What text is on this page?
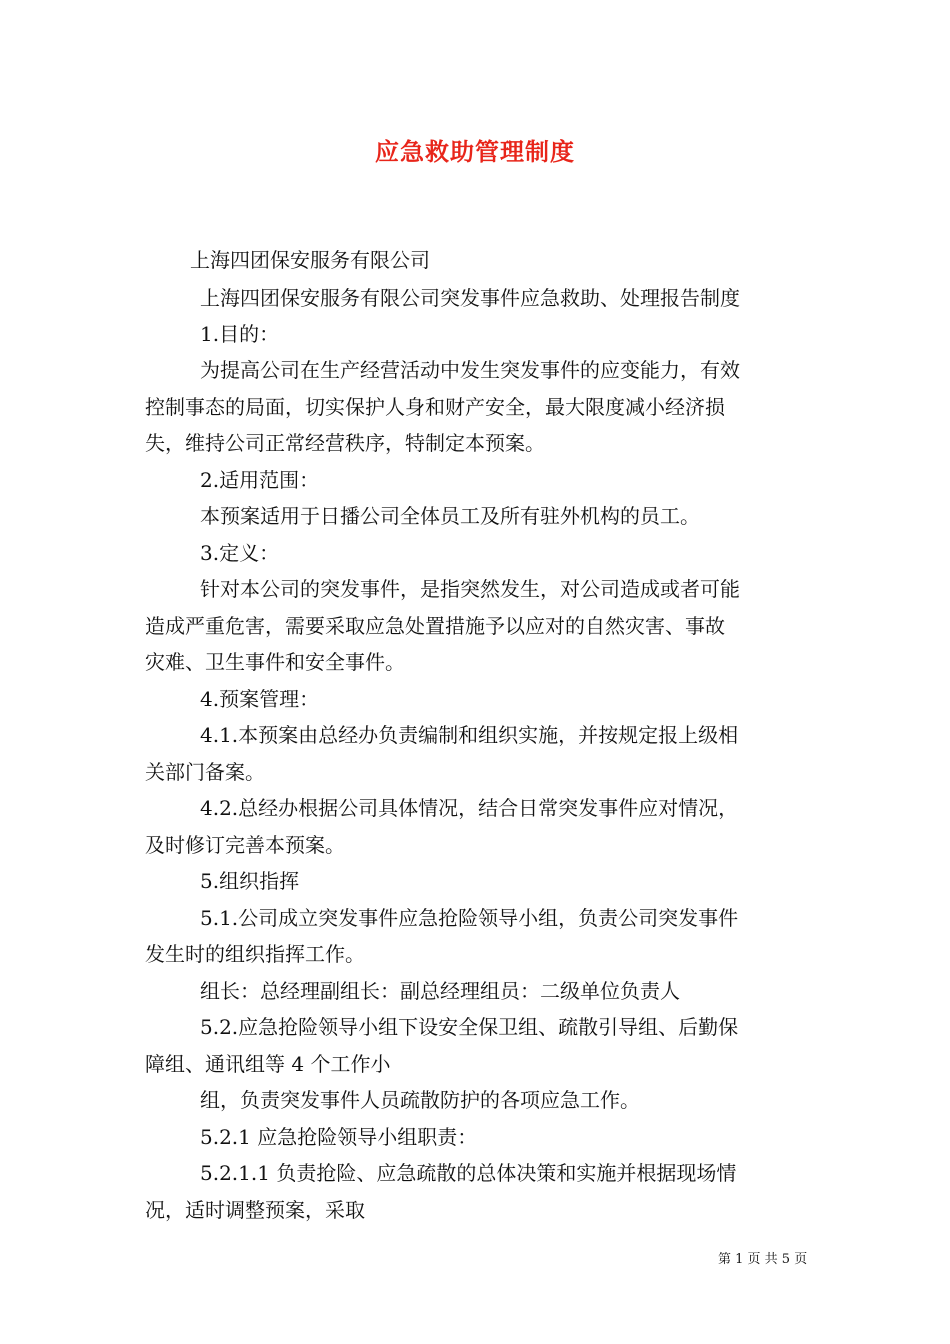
应急救助管理制度
上海四团保安服务有限公司
上海四团保安服务有限公司突发事件应急救助、处理报告制度
1.目的：
为提高公司在生产经营活动中发生突发事件的应变能力，有效
控制事态的局面，切实保护人身和财产安全，最大限度减小经济损
失，维持公司正常经营秩序，特制定本预案。
2.适用范围：
本预案适用于日播公司全体员工及所有驻外机构的员工。
3.定义：
针对本公司的突发事件，是指突然发生，对公司造成或者可能
造成严重危害，需要采取应急处置措施予以应对的自然灾害、事故
灾难、卫生事件和安全事件。
4.预案管理：
4.1.本预案由总经办负责编制和组织实施，并按规定报上级相
关部门备案。
4.2.总经办根据公司具体情况，结合日常突发事件应对情况，
及时修订完善本预案。
5.组织指挥
5.1.公司成立突发事件应急抢险领导小组，负责公司突发事件
发生时的组织指挥工作。
组长：总经理副组长：副总经理组员：二级单位负责人
5.2.应急抢险领导小组下设安全保卫组、疏散引导组、后勤保
障组、通讯组等 4 个工作小
组，负责突发事件人员疏散防护的各项应急工作。
5.2.1 应急抢险领导小组职责：
5.2.1.1 负责抢险、应急疏散的总体决策和实施并根据现场情
况，适时调整预案，采取
第 1 页 共 5 页
